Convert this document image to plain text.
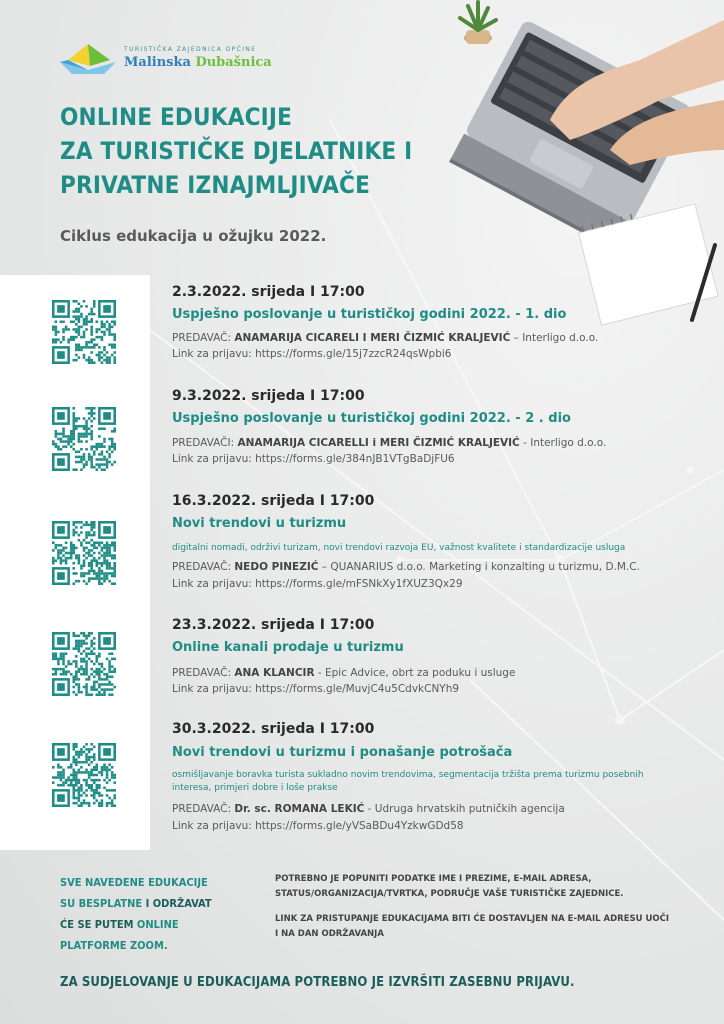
TURISTIČKA ZAJEDNICA OPĆINE
Malinska Dubašnica
ONLINE EDUKACIJE
ZA TURISTIČKE DJELATNIKE I
PRIVATNE IZNAJMLJIVAČE
Ciklus edukacija u ožujku 2022.
2.3.2022. srijeda I 17:00
Uspješno poslovanje u turističkoj godini 2022. - 1. dio
PREDAVAČ: ANAMARIJA CICARELI I MERI ČIZMIĆ KRALJEVIĆ – Interligo d.o.o.
Link za prijavu: https://forms.gle/15j7zzcR24qsWpbi6
9.3.2022. srijeda I 17:00
Uspješno poslovanje u turističkoj godini 2022. - 2 . dio
PREDAVAČI: ANAMARIJA CICARELLI i MERI ČIZMIĆ KRALJEVIĆ - Interligo d.o.o.
Link za prijavu: https://forms.gle/384nJB1VTgBaDjFU6
16.3.2022. srijeda I 17:00
Novi trendovi u turizmu
digitalni nomadi, održivi turizam, novi trendovi razvoja EU, važnost kvalitete i standardizacije usluga
PREDAVAČ: NEDO PINEZIĆ – QUANARIUS d.o.o. Marketing i konzalting u turizmu, D.M.C.
Link za prijavu: https://forms.gle/mFSNkXy1fXUZ3Qx29
23.3.2022. srijeda I 17:00
Online kanali prodaje u turizmu
PREDAVAČ: ANA KLANCIR - Epic Advice, obrt za poduku i usluge
Link za prijavu: https://forms.gle/MuvjC4u5CdvkCNYh9
30.3.2022. srijeda I 17:00
Novi trendovi u turizmu i ponašanje potrošača
osmišljavanje boravka turista sukladno novim trendovima, segmentacija tržišta prema turizmu posebnih interesa, primjeri dobre i loše prakse
PREDAVAČ: Dr. sc. ROMANA LEKIĆ - Udruga hrvatskih putničkih agencija
Link za prijavu: https://forms.gle/yVSaBDu4YzkwGDd58
SVE NAVEDENE EDUKACIJE
SU BESPLATNE I ODRŽAVAT
ĆE SE PUTEM ONLINE
PLATFORME ZOOM.

POTREBNO JE POPUNITI PODATKE IME I PREZIME, E-MAIL ADRESA, STATUS/ORGANIZACIJA/TVRTKA, PODRUČJE VAŠE TURISTIČKE ZAJEDNICE.

LINK ZA PRISTUPANJE EDUKACIJAMA BITI ĆE DOSTAVLJEN NA E-MAIL ADRESU UOČI I NA DAN ODRŽAVANJA

ZA SUDJELOVANJE U EDUKACIJAMA POTREBNO JE IZVRŠITI ZASEBNU PRIJAVU.
